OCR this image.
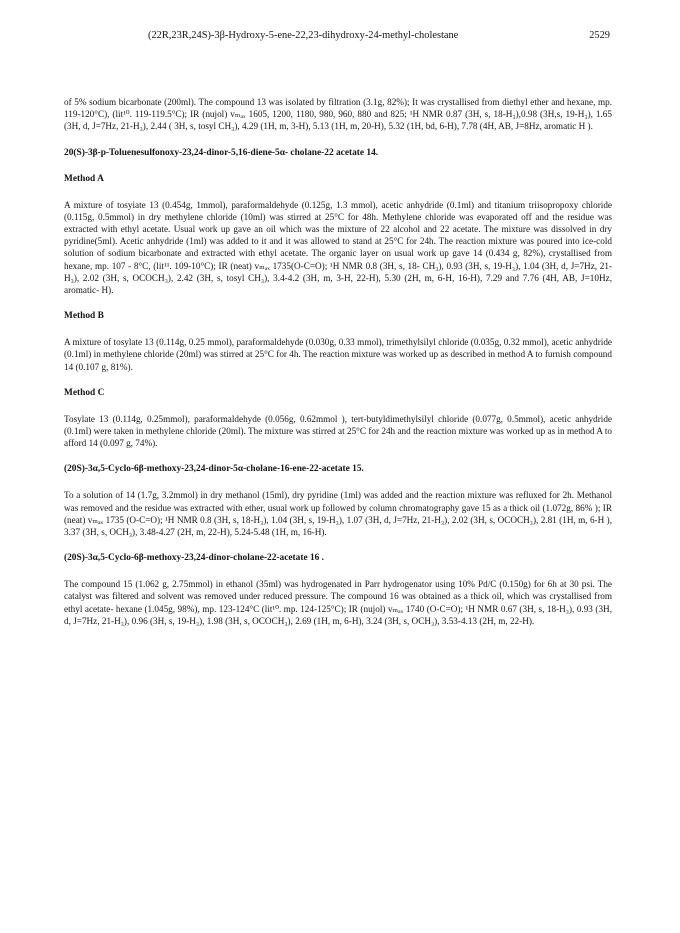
(22R,23R,24S)-3β-Hydroxy-5-ene-22,23-dihydroxy-24-methyl-cholestane	2529

of 5% sodium bicarbonate (200ml). The compound 13 was isolated by filtration (3.1g, 82%); It was crystallised from diethyl ether and hexane, mp. 119-120°C), (lit¹⁰. 119-119.5°C); IR (nujol) vₘₐₓ 1605, 1200, 1180, 980, 960, 880 and 825; ¹H NMR 0.87 (3H, s, 18-H₃),0.98 (3H,s, 19-H₃), 1.65 (3H, d, J=7Hz, 21-H₃), 2.44 ( 3H, s, tosyl CH₃), 4.29 (1H, m, 3-H), 5.13 (1H, m, 20-H), 5.32 (1H, bd, 6-H), 7.78 (4H, AB, J=8Hz, aromatic H ).

20(S)-3β-p-Toluenesulfonoxy-23,24-dinor-5,16-diene-5α- cholane-22 acetate 14.
Method A

A mixture of tosyiate 13 (0.454g, 1mmol), paraformaldehyde (0.125g, 1.3 mmol), acetic anhydride (0.1ml) and titanium triisopropoxy chloride (0.115g, 0.5mmol) in dry methylene chloride (10ml) was stirred at 25°C for 48h. Methylene chloride was evaporated off and the residue was extracted with ethyl acetate. Usual work up gave an oil which was the mixture of 22 alcohol and 22 acetate. The mixture was dissolved in dry pyridine(5ml). Acetic anhydride (1ml) was added to it and it was allowed to stand at 25°C for 24h. The reaction mixture was poured into ice-cold solution of sodium bicarbonate and extracted with ethyl acetate. The organic layer on usual work up gave 14 (0.434 g, 82%), crystallised from hexane, mp. 107 - 8°C, (lit¹¹. 109-10°C); IR (neat) vₘₐₓ 1735(O-C=O); ¹H NMR 0.8 (3H, s, 18- CH₃), 0.93 (3H, s, 19-H₃), 1.04 (3H, d, J=7Hz, 21-H₃), 2.02 (3H, s, OCOCH₃), 2.42 (3H, s, tosyl CH₃), 3.4-4.2 (3H, m, 3-H, 22-H), 5.30 (2H, m, 6-H, 16-H), 7.29 and 7.76 (4H, AB, J=10Hz, aromatic- H).

Method B

A mixture of tosylate 13 (0.114g, 0.25 mmol), paraformaldehyde (0.030g, 0.33 mmol), trimethylsilyl chloride (0.035g, 0.32 mmol), acetic anhydride (0.1ml) in methylene chloride (20ml) was stirred at 25°C for 4h. The reaction mixture was worked up as described in method A to furnish compound 14 (0.107 g, 81%).

Method C

Tosylate 13 (0.114g, 0.25mmol), paraformaldehyde (0.056g, 0.62mmol ), tert-butyldimethylsilyl chloride (0.077g, 0.5mmol), acetic anhydride (0.1ml) were taken in methylene chloride (20ml). The mixture was stirred at 25°C for 24h and the reaction mixture was worked up as in method A to afford 14 (0.097 g, 74%).

(20S)-3α,5-Cyclo-6β-methoxy-23,24-dinor-5α-cholane-16-ene-22-acetate 15.

To a solution of 14 (1.7g, 3.2mmol) in dry methanol (15ml), dry pyridine (1ml) was added and the reaction mixture was refluxed for 2h. Methanol was removed and the residue was extracted with ether, usual work up followed by column chromatography gave 15 as a thick oil (1.072g, 86% ); IR (neat) vₘₐₓ 1735 (O-C=O); ¹H NMR 0.8 (3H, s, 18-H₃), 1.04 (3H, s, 19-H₃), 1.07 (3H, d, J=7Hz, 21-H₃), 2.02 (3H, s, OCOCH₃), 2.81 (1H, m, 6-H ), 3.37 (3H, s, OCH₃), 3.48-4.27 (2H, m, 22-H), 5.24-5.48 (1H, m, 16-H).

(20S)-3α,5-Cyclo-6β-methoxy-23,24-dinor-cholane-22-acetate 16 .

The compound 15 (1.062 g, 2.75mmol) in ethanol (35ml) was hydrogenated in Parr hydrogenator using 10% Pd/C (0.150g) for 6h at 30 psi. The catalyst was filtered and solvent was removed under reduced pressure. The compound 16 was obtained as a thick oil, which was crystallised from ethyl acetate- hexane (1.045g, 98%), mp. 123-124°C (lit¹⁰. mp. 124-125°C); IR (nujol) vₘₐₓ 1740 (O-C=O); ¹H NMR 0.67 (3H, s, 18-H₃), 0.93 (3H, d, J=7Hz, 21-H₃), 0.96 (3H, s, 19-H₃), 1.98 (3H, s, OCOCH₃), 2.69 (1H, m, 6-H), 3.24 (3H, s, OCH₃), 3.53-4.13 (2H, m, 22-H).
